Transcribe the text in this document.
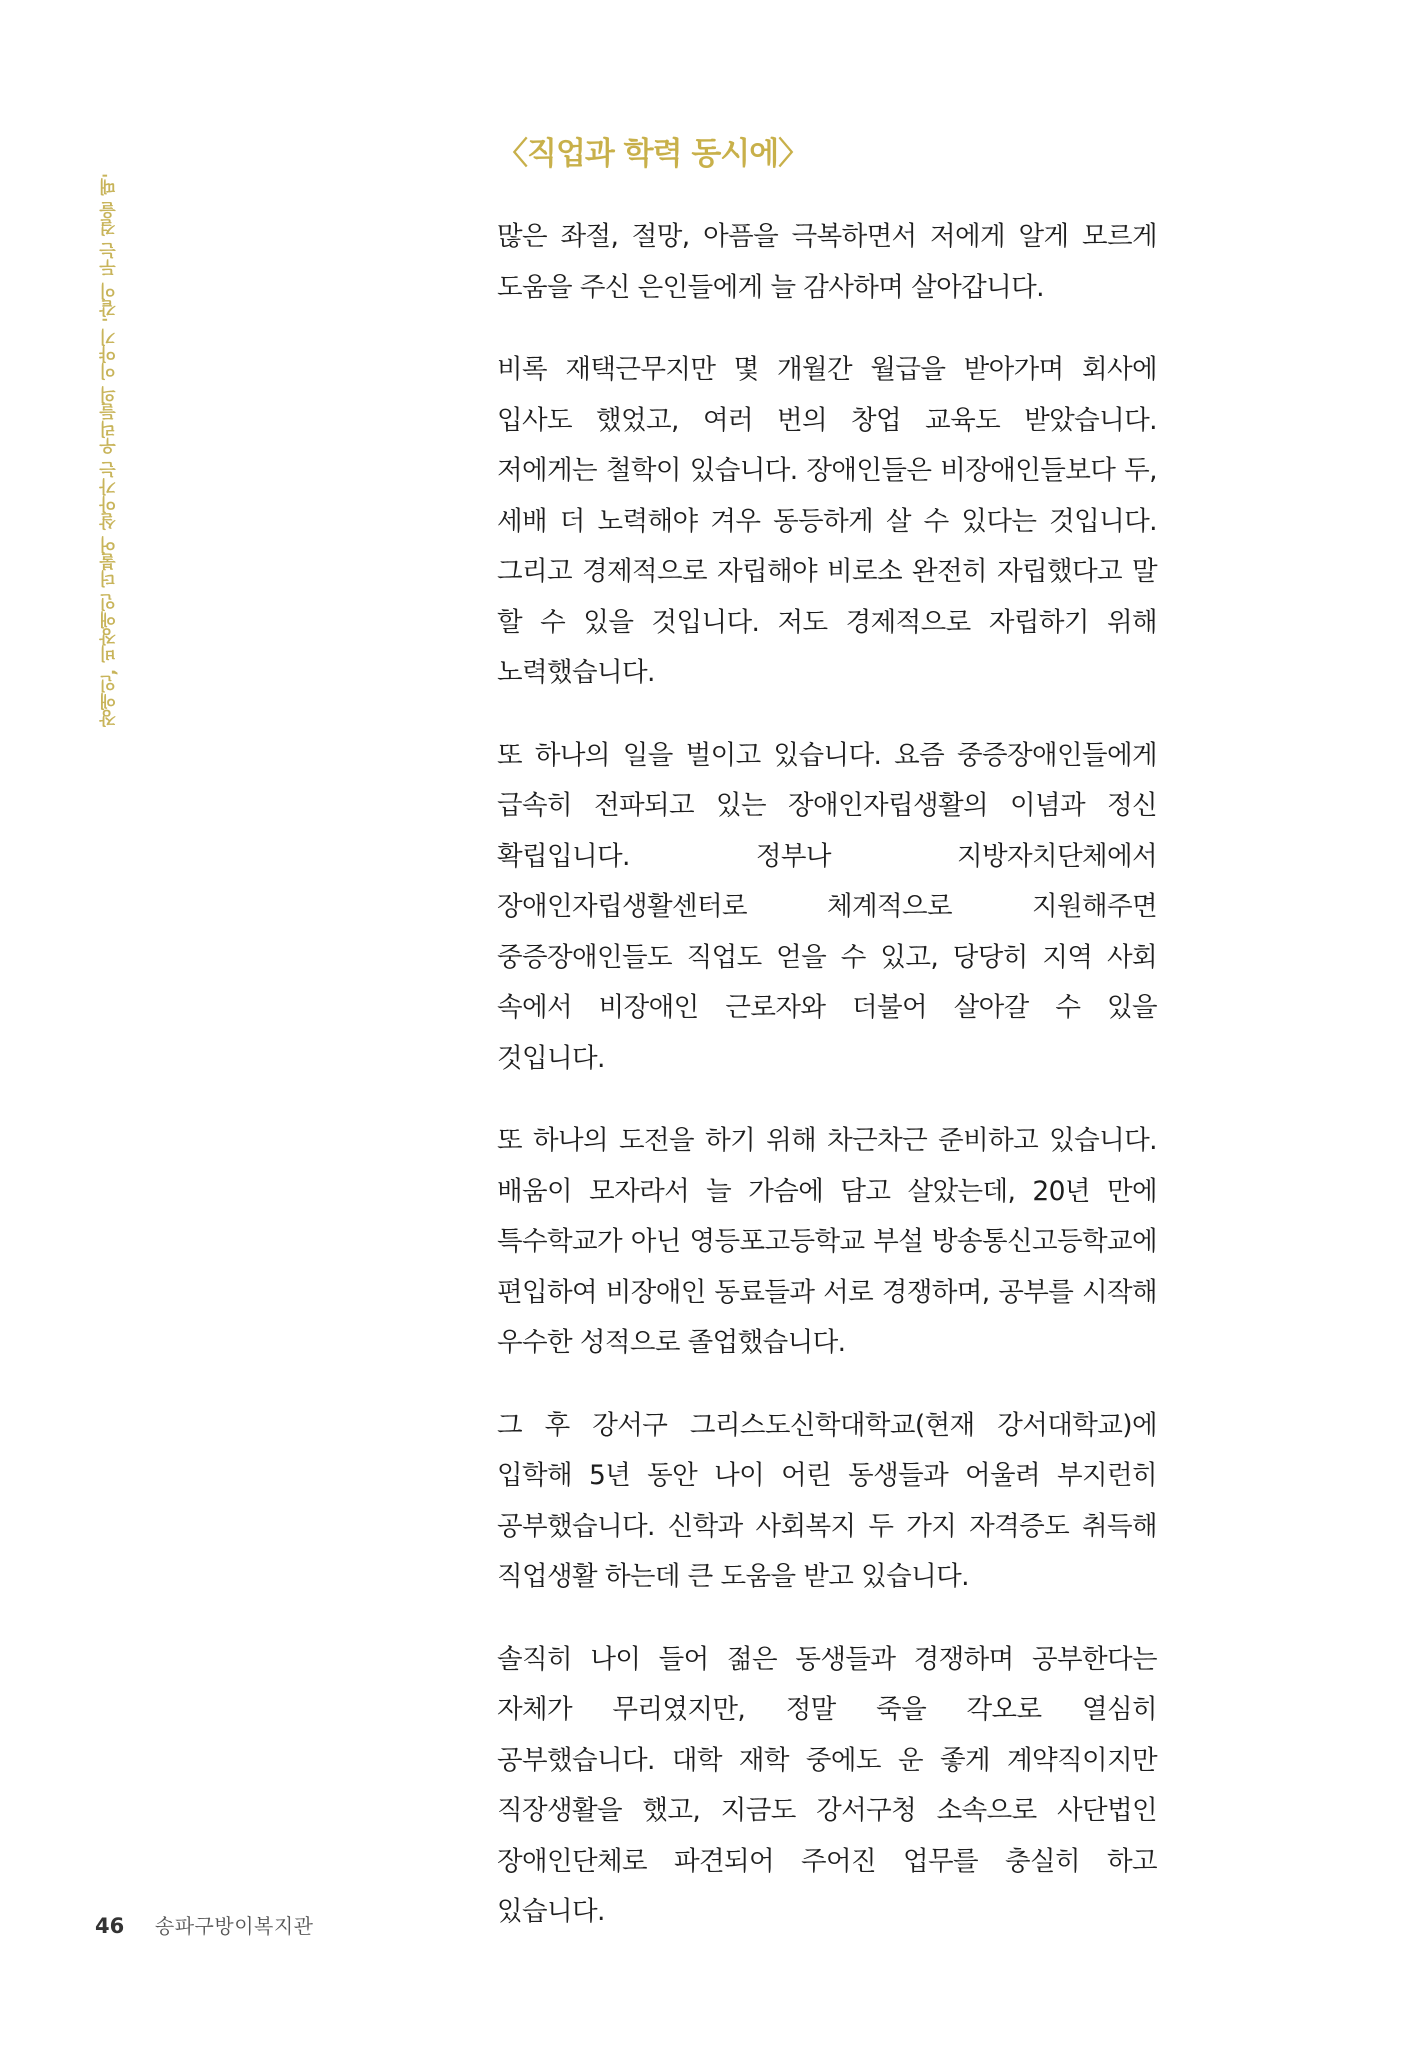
장애인, 비장애인 더불어 살아가는 우리들의 이야기 '같이 두는 걸을 때'
〈직업과 학력 동시에〉

많은 좌절, 절망, 아픔을 극복하면서 저에게 알게 모르게 도움을 주신 은인들에게 늘 감사하며 살아갑니다.

비록 재택근무지만 몇 개월간 월급을 받아가며 회사에 입사도 했었고, 여러 번의 창업 교육도 받았습니다. 저에게는 철학이 있습니다. 장애인들은 비장애인들보다 두, 세배 더 노력해야 겨우 동등하게 살 수 있다는 것입니다. 그리고 경제적으로 자립해야 비로소 완전히 자립했다고 말 할 수 있을 것입니다. 저도 경제적으로 자립하기 위해 노력했습니다.

또 하나의 일을 벌이고 있습니다. 요즘 중증장애인들에게 급속히 전파되고 있는 장애인자립생활의 이념과 정신 확립입니다. 정부나 지방자치단체에서 장애인자립생활센터로 체계적으로 지원해주면 중증장애인들도 직업도 얻을 수 있고, 당당히 지역 사회 속에서 비장애인 근로자와 더불어 살아갈 수 있을 것입니다.

또 하나의 도전을 하기 위해 차근차근 준비하고 있습니다. 배움이 모자라서 늘 가슴에 담고 살았는데, 20년 만에 특수학교가 아닌 영등포고등학교 부설 방송통신고등학교에 편입하여 비장애인 동료들과 서로 경쟁하며, 공부를 시작해 우수한 성적으로 졸업했습니다.

그 후 강서구 그리스도신학대학교(현재 강서대학교)에 입학해 5년 동안 나이 어린 동생들과 어울려 부지런히 공부했습니다. 신학과 사회복지 두 가지 자격증도 취득해 직업생활 하는데 큰 도움을 받고 있습니다.

솔직히 나이 들어 젊은 동생들과 경쟁하며 공부한다는 자체가 무리였지만, 정말 죽을 각오로 열심히 공부했습니다. 대학 재학 중에도 운 좋게 계약직이지만 직장생활을 했고, 지금도 강서구청 소속으로 사단법인 장애인단체로 파견되어 주어진 업무를 충실히 하고 있습니다.

46 송파구방이복지관
